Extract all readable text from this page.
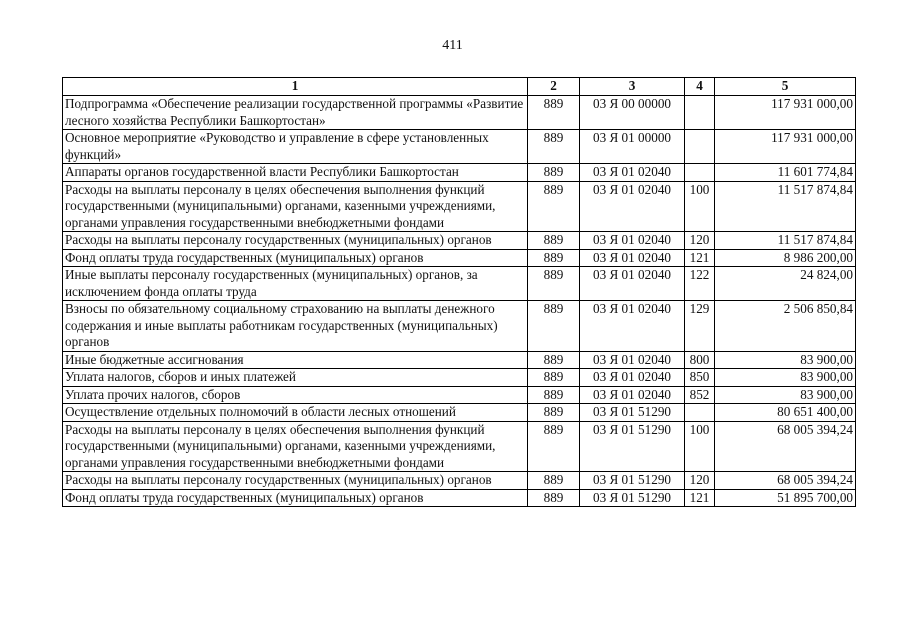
411
1	2	3	4	5
Подпрограмма «Обеспечение реализации государственной программы «Развитие лесного хозяйства Республики Башкортостан»	889	03 Я 00 00000		117 931 000,00
Основное мероприятие «Руководство и управление в сфере установленных функций»	889	03 Я 01 00000		117 931 000,00
Аппараты органов государственной власти Республики Башкортостан	889	03 Я 01 02040		11 601 774,84
Расходы на выплаты персоналу в целях обеспечения выполнения функций государственными (муниципальными) органами, казенными учреждениями, органами управления государственными внебюджетными фондами	889	03 Я 01 02040	100	11 517 874,84
Расходы на выплаты персоналу государственных (муниципальных) органов	889	03 Я 01 02040	120	11 517 874,84
Фонд оплаты труда государственных (муниципальных) органов	889	03 Я 01 02040	121	8 986 200,00
Иные выплаты персоналу государственных (муниципальных) органов, за исключением фонда оплаты труда	889	03 Я 01 02040	122	24 824,00
Взносы по обязательному социальному страхованию на выплаты денежного содержания и иные выплаты работникам государственных (муниципальных) органов	889	03 Я 01 02040	129	2 506 850,84
Иные бюджетные ассигнования	889	03 Я 01 02040	800	83 900,00
Уплата налогов, сборов и иных платежей	889	03 Я 01 02040	850	83 900,00
Уплата прочих налогов, сборов	889	03 Я 01 02040	852	83 900,00
Осуществление отдельных полномочий в области лесных отношений	889	03 Я 01 51290		80 651 400,00
Расходы на выплаты персоналу в целях обеспечения выполнения функций государственными (муниципальными) органами, казенными учреждениями, органами управления государственными внебюджетными фондами	889	03 Я 01 51290	100	68 005 394,24
Расходы на выплаты персоналу государственных (муниципальных) органов	889	03 Я 01 51290	120	68 005 394,24
Фонд оплаты труда государственных (муниципальных) органов	889	03 Я 01 51290	121	51 895 700,00
